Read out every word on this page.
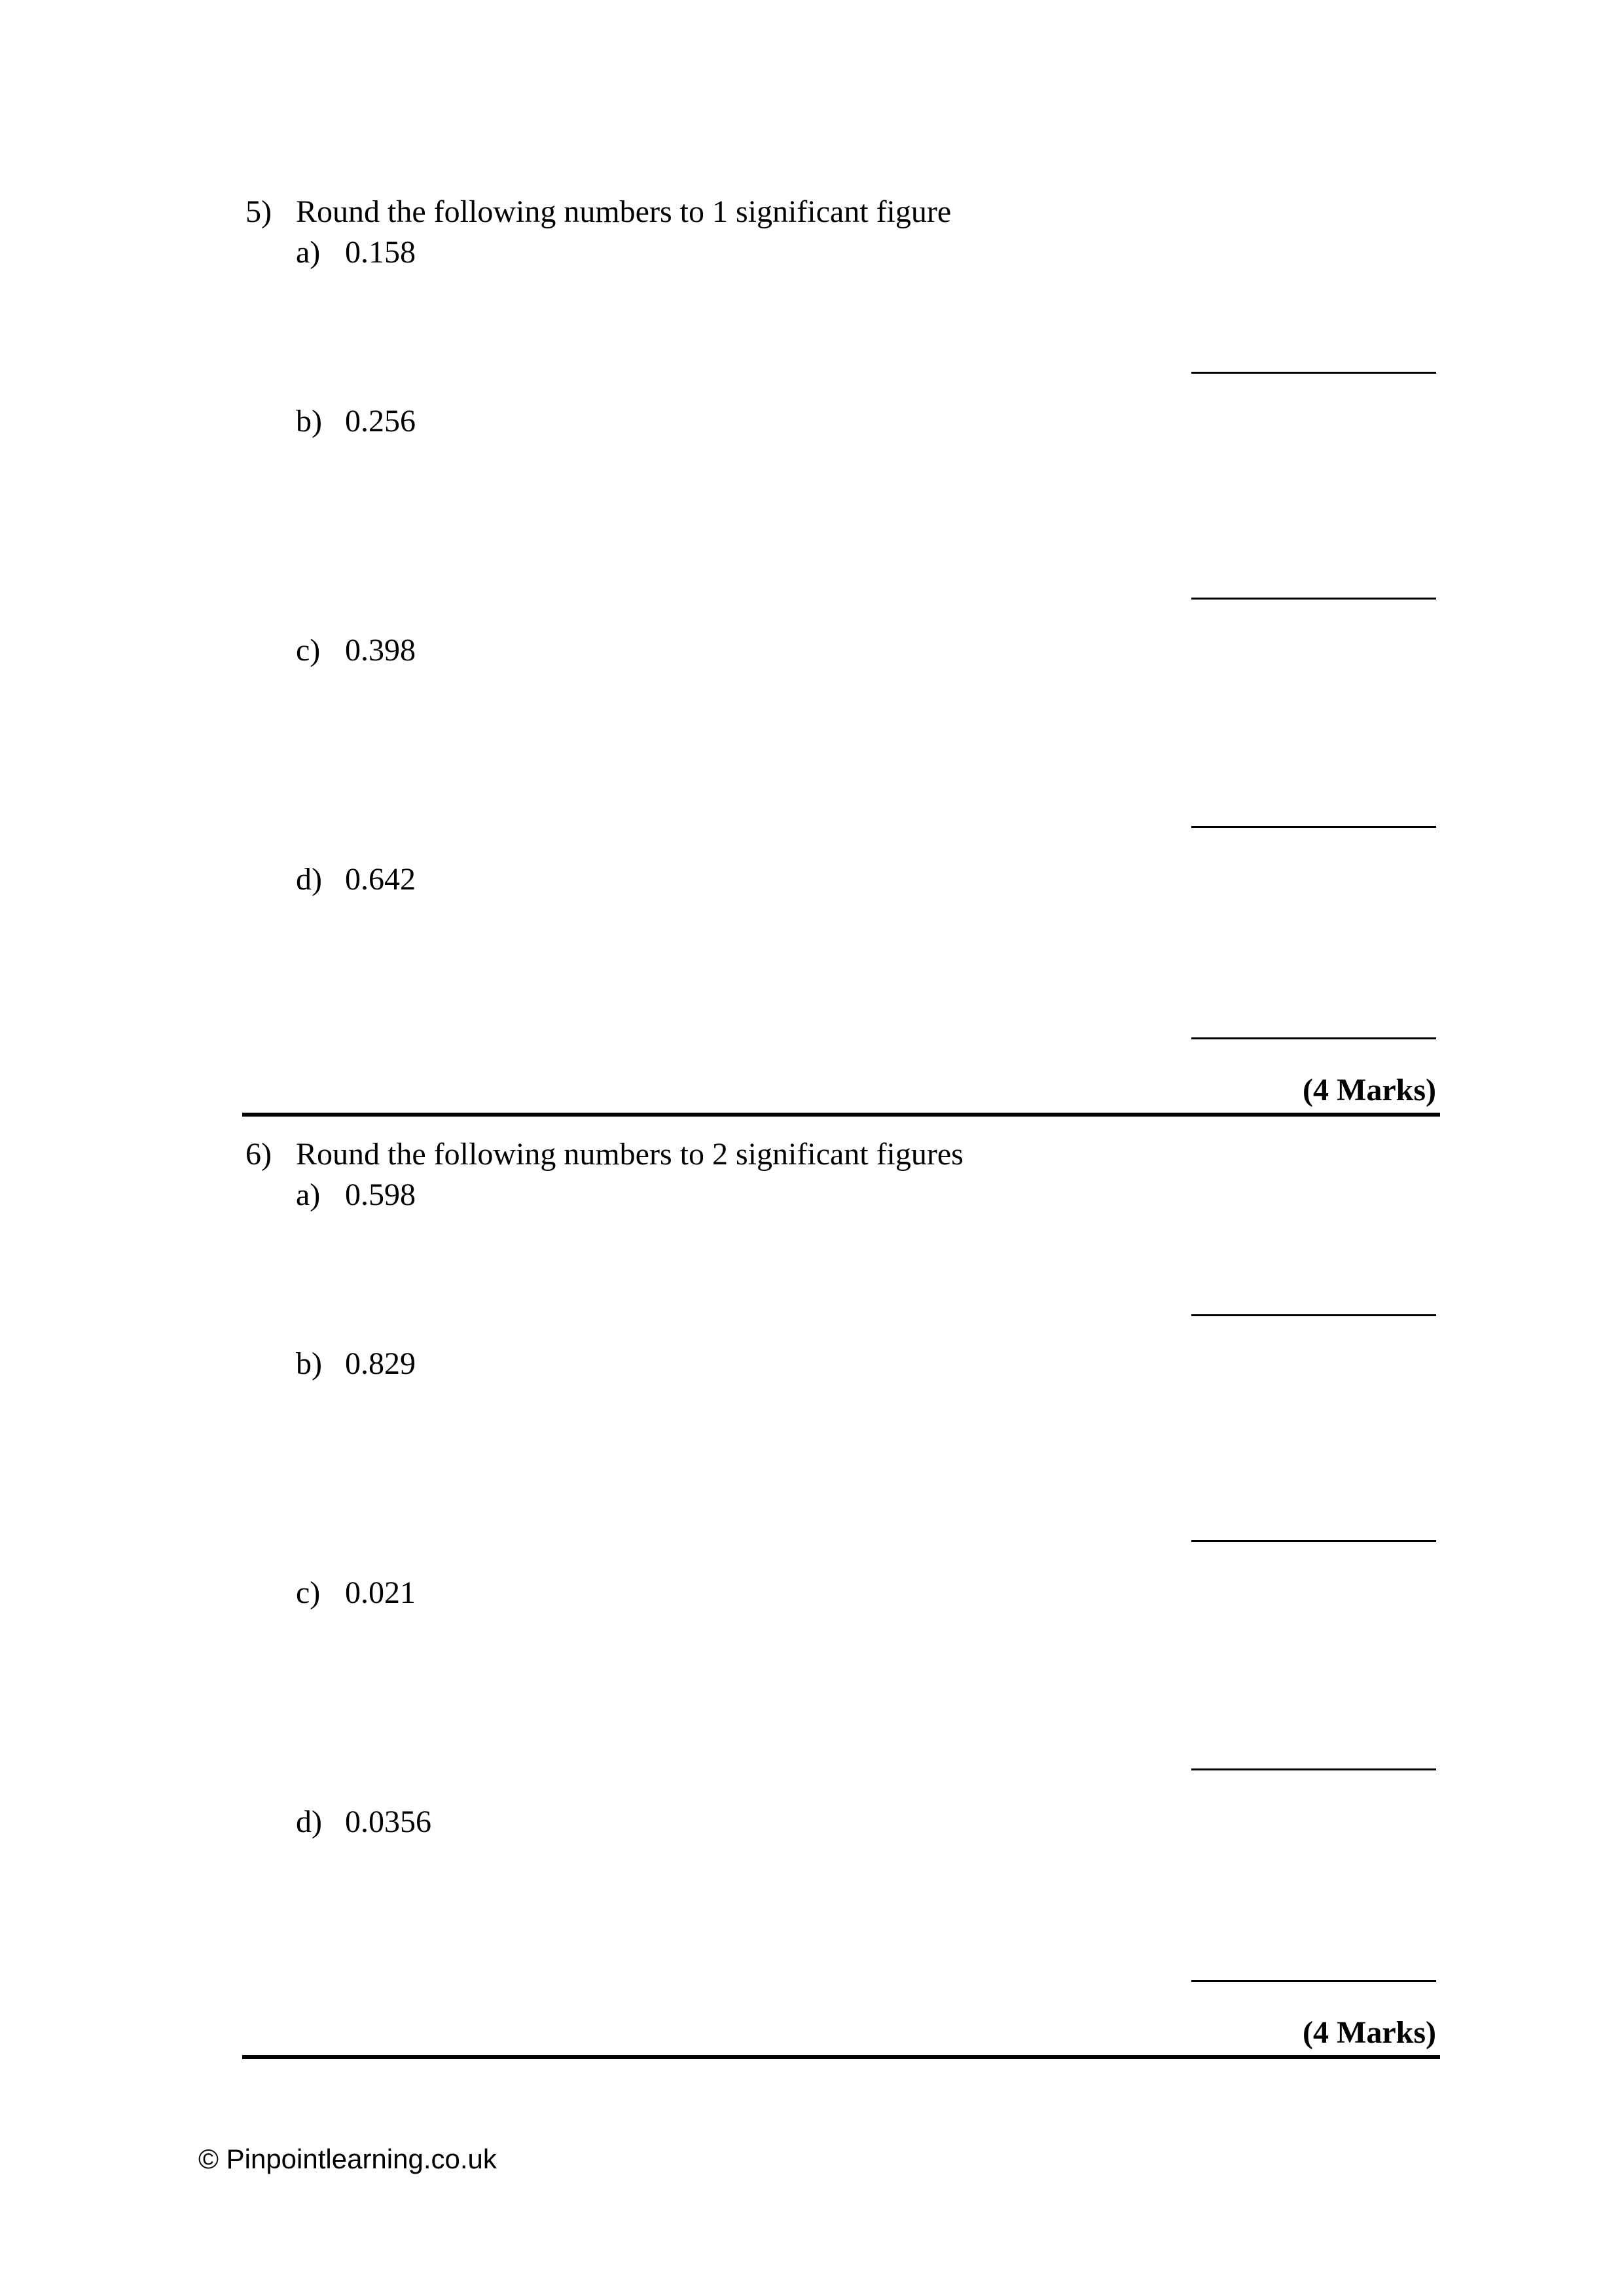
5) Round the following numbers to 1 significant figure
a) 0.158
b) 0.256
c) 0.398
d) 0.642
(4 Marks)
6) Round the following numbers to 2 significant figures
a) 0.598
b) 0.829
c) 0.021
d) 0.0356
(4 Marks)
© Pinpointlearning.co.uk
